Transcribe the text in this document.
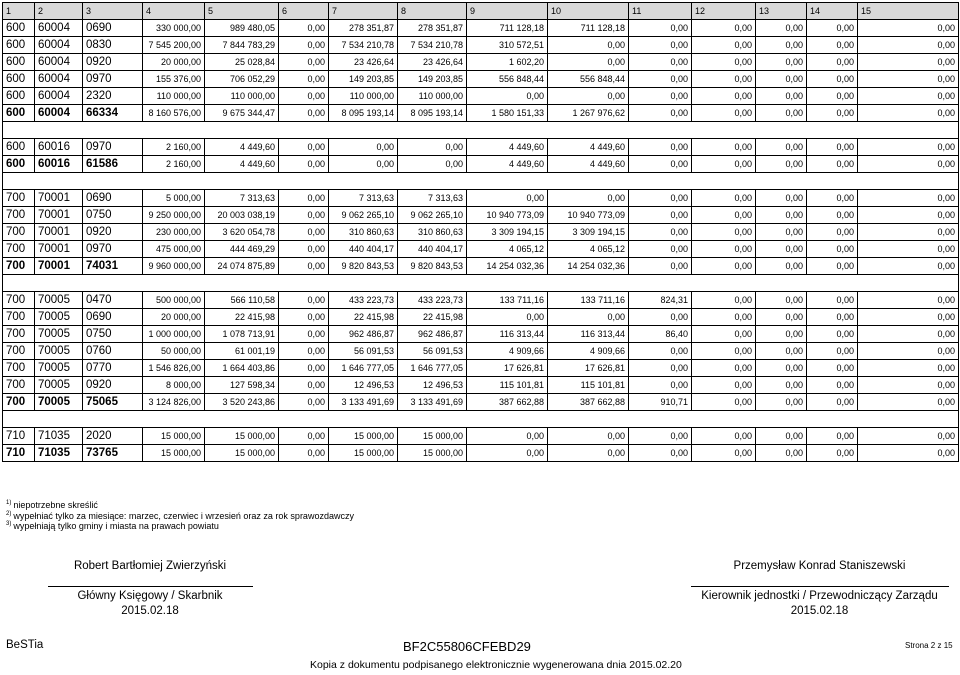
1	2	3	4	5	6	7	8	9	10	11	12	13	14	15
600	60004	0690	330 000,00	989 480,05	0,00	278 351,87	278 351,87	711 128,18	711 128,18	0,00	0,00	0,00	0,00	0,00
600	60004	0830	7 545 200,00	7 844 783,29	0,00	7 534 210,78	7 534 210,78	310 572,51	0,00	0,00	0,00	0,00	0,00	0,00
600	60004	0920	20 000,00	25 028,84	0,00	23 426,64	23 426,64	1 602,20	0,00	0,00	0,00	0,00	0,00	0,00
600	60004	0970	155 376,00	706 052,29	0,00	149 203,85	149 203,85	556 848,44	556 848,44	0,00	0,00	0,00	0,00	0,00
600	60004	2320	110 000,00	110 000,00	0,00	110 000,00	110 000,00	0,00	0,00	0,00	0,00	0,00	0,00	0,00
600	60004	66334	8 160 576,00	9 675 344,47	0,00	8 095 193,14	8 095 193,14	1 580 151,33	1 267 976,62	0,00	0,00	0,00	0,00	0,00

600	60016	0970	2 160,00	4 449,60	0,00	0,00	0,00	4 449,60	4 449,60	0,00	0,00	0,00	0,00	0,00
600	60016	61586	2 160,00	4 449,60	0,00	0,00	0,00	4 449,60	4 449,60	0,00	0,00	0,00	0,00	0,00

700	70001	0690	5 000,00	7 313,63	0,00	7 313,63	7 313,63	0,00	0,00	0,00	0,00	0,00	0,00	0,00
700	70001	0750	9 250 000,00	20 003 038,19	0,00	9 062 265,10	9 062 265,10	10 940 773,09	10 940 773,09	0,00	0,00	0,00	0,00	0,00
700	70001	0920	230 000,00	3 620 054,78	0,00	310 860,63	310 860,63	3 309 194,15	3 309 194,15	0,00	0,00	0,00	0,00	0,00
700	70001	0970	475 000,00	444 469,29	0,00	440 404,17	440 404,17	4 065,12	4 065,12	0,00	0,00	0,00	0,00	0,00
700	70001	74031	9 960 000,00	24 074 875,89	0,00	9 820 843,53	9 820 843,53	14 254 032,36	14 254 032,36	0,00	0,00	0,00	0,00	0,00

700	70005	0470	500 000,00	566 110,58	0,00	433 223,73	433 223,73	133 711,16	133 711,16	824,31	0,00	0,00	0,00	0,00
700	70005	0690	20 000,00	22 415,98	0,00	22 415,98	22 415,98	0,00	0,00	0,00	0,00	0,00	0,00	0,00
700	70005	0750	1 000 000,00	1 078 713,91	0,00	962 486,87	962 486,87	116 313,44	116 313,44	86,40	0,00	0,00	0,00	0,00
700	70005	0760	50 000,00	61 001,19	0,00	56 091,53	56 091,53	4 909,66	4 909,66	0,00	0,00	0,00	0,00	0,00
700	70005	0770	1 546 826,00	1 664 403,86	0,00	1 646 777,05	1 646 777,05	17 626,81	17 626,81	0,00	0,00	0,00	0,00	0,00
700	70005	0920	8 000,00	127 598,34	0,00	12 496,53	12 496,53	115 101,81	115 101,81	0,00	0,00	0,00	0,00	0,00
700	70005	75065	3 124 826,00	3 520 243,86	0,00	3 133 491,69	3 133 491,69	387 662,88	387 662,88	910,71	0,00	0,00	0,00	0,00

710	71035	2020	15 000,00	15 000,00	0,00	15 000,00	15 000,00	0,00	0,00	0,00	0,00	0,00	0,00	0,00
710	71035	73765	15 000,00	15 000,00	0,00	15 000,00	15 000,00	0,00	0,00	0,00	0,00	0,00	0,00	0,00
$^{1)}$ niepotrzebne skreślić
$^{2)}$ wypełniać tylko za miesiące: marzec, czerwiec i wrzesień oraz za rok sprawozdawczy
$^{3)}$ wypełniają tylko gminy i miasta na prawach powiatu
Robert Bartłomiej Zwierzyński
Główny Księgowy / Skarbnik
2015.02.18
Przemysław Konrad Staniszewski
Kierownik jednostki / Przewodniczący Zarządu
2015.02.18
BeSTia	BF2C55806CFEBD29	Strona 2 z 15
Kopia z dokumentu podpisanego elektronicznie wygenerowana dnia 2015.02.20
